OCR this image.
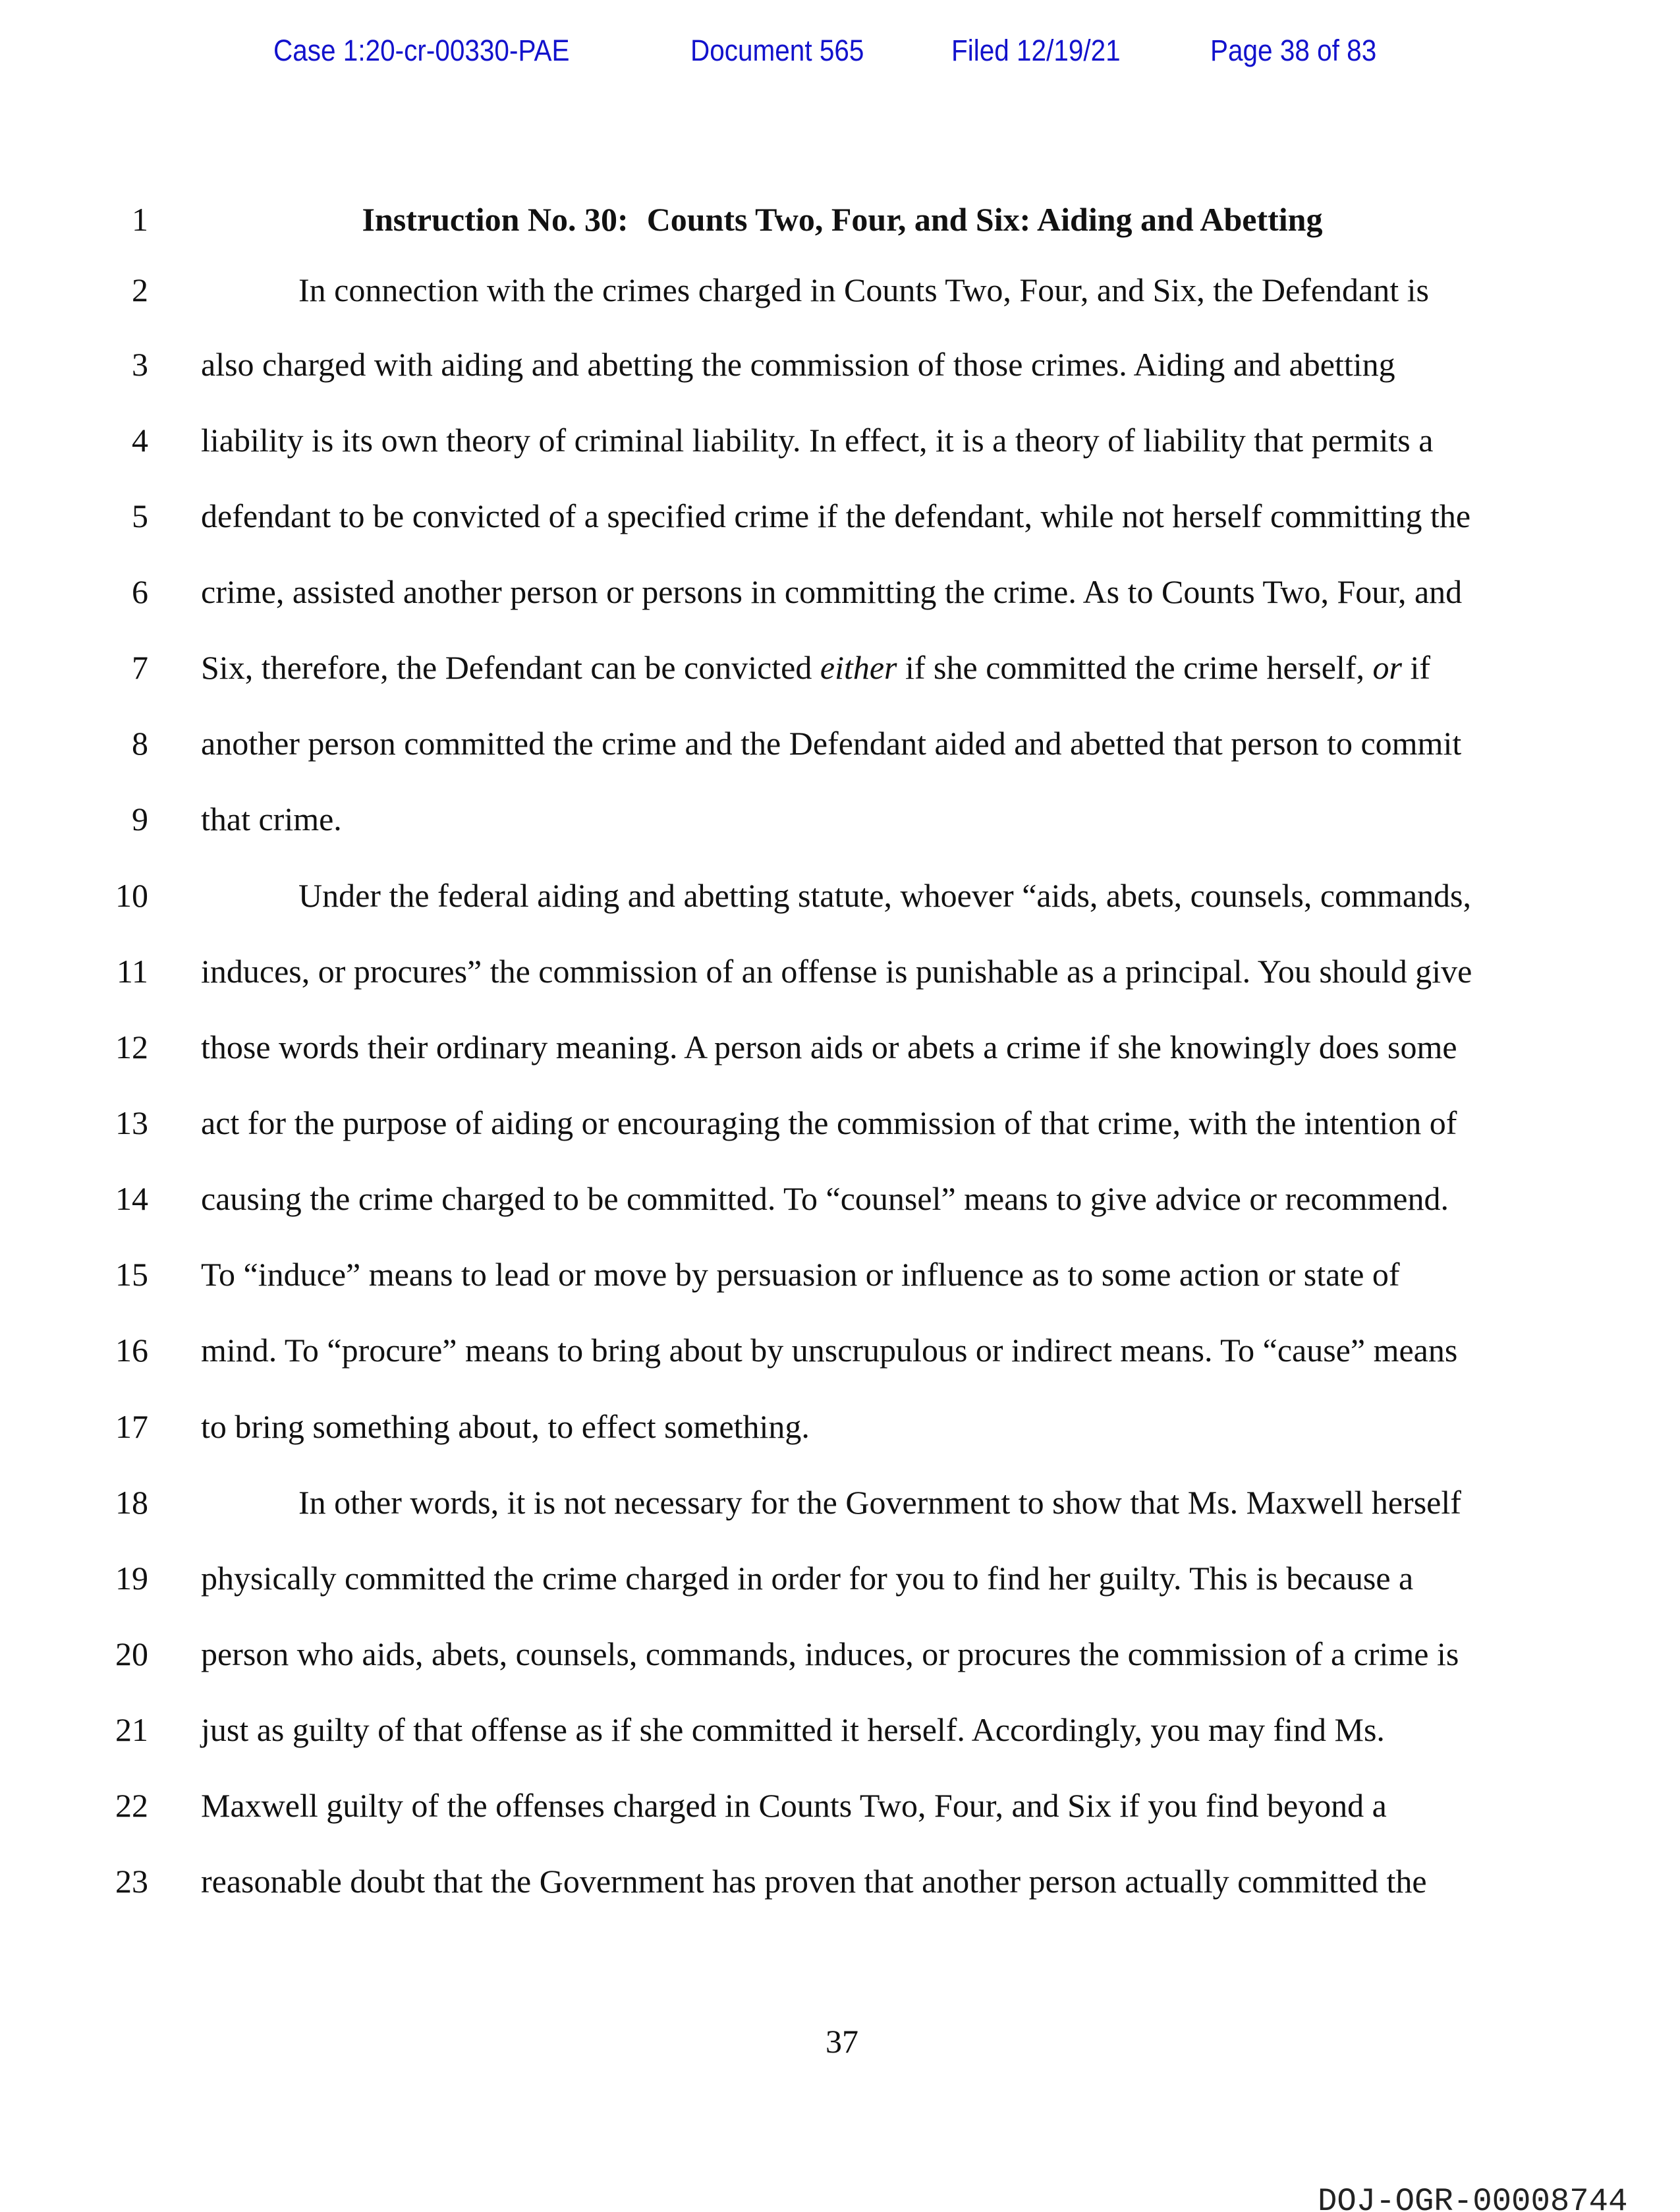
Case 1:20-cr-00330-PAE	Document 565	Filed 12/19/21	Page 38 of 83
1	Instruction No. 30: Counts Two, Four, and Six: Aiding and Abetting
2	In connection with the crimes charged in Counts Two, Four, and Six, the Defendant is
3 also charged with aiding and abetting the commission of those crimes. Aiding and abetting
4 liability is its own theory of criminal liability. In effect, it is a theory of liability that permits a
5 defendant to be convicted of a specified crime if the defendant, while not herself committing the
6 crime, assisted another person or persons in committing the crime. As to Counts Two, Four, and
7 Six, therefore, the Defendant can be convicted either if she committed the crime herself, or if
8 another person committed the crime and the Defendant aided and abetted that person to commit
9 that crime.
10	Under the federal aiding and abetting statute, whoever “aids, abets, counsels, commands,
11 induces, or procures” the commission of an offense is punishable as a principal. You should give
12 those words their ordinary meaning. A person aids or abets a crime if she knowingly does some
13 act for the purpose of aiding or encouraging the commission of that crime, with the intention of
14 causing the crime charged to be committed. To “counsel” means to give advice or recommend.
15 To “induce” means to lead or move by persuasion or influence as to some action or state of
16 mind. To “procure” means to bring about by unscrupulous or indirect means. To “cause” means
17 to bring something about, to effect something.
18	In other words, it is not necessary for the Government to show that Ms. Maxwell herself
19 physically committed the crime charged in order for you to find her guilty. This is because a
20 person who aids, abets, counsels, commands, induces, or procures the commission of a crime is
21 just as guilty of that offense as if she committed it herself. Accordingly, you may find Ms.
22 Maxwell guilty of the offenses charged in Counts Two, Four, and Six if you find beyond a
23 reasonable doubt that the Government has proven that another person actually committed the
37
DOJ-OGR-00008744
